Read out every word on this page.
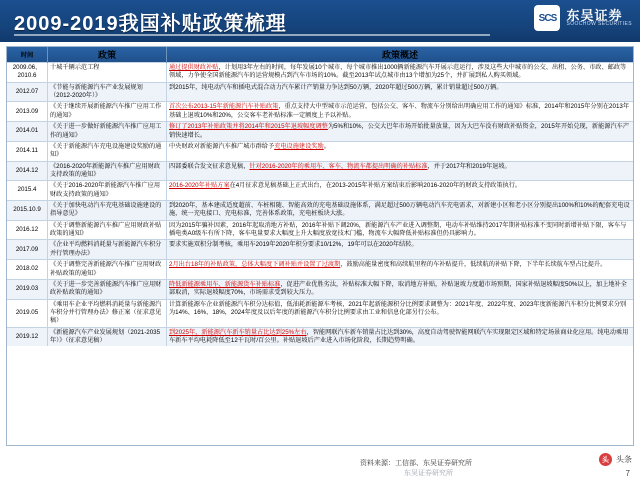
2009-2019我国补贴政策梳理	SCS 东吴证券
SOOCHOW SECURITIES
时间	政策	政策概述
2009.06、2010.6	十城千辆示范工程	通过提供财政补贴，计划用3年左右的时间，每年发展10个城市，每个城市推出1000辆新能源汽车开展示范运行，涉及这些大中城市的公交、出租、公务、市政、邮政等领域，力争使全国新能源汽车的运营规模占到汽车市场的10%。截至2013年试点城市由13个增加为25个，并扩展到私人购买领域。
2012.07	《节能与新能源汽车产业发展规划（2012-2020年）》	到2015年，纯电动汽车和插电式混合动力汽车累计产销量力争达到50万辆，2020年超过500万辆，累计销量超过500万辆。
2013.09	《关于继续开展新能源汽车推广应用工作的通知》	首次公布2013-15年新能源汽车补贴政策，重点支持大中型城市示范运营，包括公交、客车、物流车分别给出明确应用工作的通知》标准，2014年和2015年分别在2013年基础上退坡10%和20%，公交客车老补贴标准一定额度上予以补贴。
2014.01	《关于进一步做好新能源汽车推广应用工作的通知》	修订了2013年补贴政策并将2014年和2015年退坡幅度调整为5%和10%，公交大巴年市场开始批量放量，因为大巴车没有财政补贴资金，2015年开始兑现，新能源汽车产销快速增长。
2014.11	《关于新能源汽车充电设施建设奖励的通知》	中央财政对新能源汽车推广城市群给予充电设施建设奖励。
2014.12	《2016-2020年新能源汽车推广应用财政支持政策的通知》	四部委联合发文征求意见稿，针对2016-2020年的乘用车、客车、物流车都提出明确的补贴标准，并于2017年和2019年退坡。
2015.4	《关于2016-2020年新能源汽车推广应用财政支持政策的通知》	2016-2020年补贴方案在4月征求意见稿基础上正式出台，在2013-2015年补贴方案结束后影响2016-2020年的财政支持政策执行。
2015.10.9	《关于加快电动汽车充电基础设施建设的指导意见》	到2020年，基本建成适度超前、车桩相随、智能高效的充电基础设施体系，满足超过500万辆电动汽车充电需求，对新建小区和老小区分别提出100%和10%的配套充电设施，统一充电接口、充电标准，完善体系政策，充电桩板块大涨。
2016.12	《关于调整新能源汽车推广应用财政补贴政策的通知》	因为2015年骗补因素，2016年起取消地方补贴，2016年补贴下调20%，新能源汽车产业进入调整期，电动车补贴维持2017年期补贴标准不变同时新增补贴下限，客车与插电类A0级车有所下降，客车电量要求大幅度上升大幅度放宽技术门槛，物流车大幅降低补贴标准但仍具影响力。
2017.09	《企业平均燃料消耗量与新能源汽车积分并行管理办法》	要求实施双积分制考核，乘用车2019年2020年积分要求10/12%，19年可以在2020年结转。
2018.02	《关于调整完善新能源汽车推广应用财政补贴政策的通知》	2月出台18年的补贴政策，总体大幅度下调补贴并设置了过渡期，鼓励高能量密度和高续航里程的车补贴提升，低续航的补贴下降，下半年长续航车型占比提升。
2019.03	《关于进一步完善新能源汽车推广应用财政补贴政策的通知》	降低新能源乘用车、新能源货车补贴标准，促进产业优胜劣汰，补贴标准大幅下降，取消地方补贴，补贴退坡力度超市场预期，国家补贴退坡幅度50%以上，加上地补全部取消，实际退坡幅度70%，市场需求受到较大压力。
2019.05	《乘用车企业平均燃料消耗量与新能源汽车积分并行管理办法》修正案（征求意见稿）	计算新能源车企业新能源汽车积分达标值，低油耗新能源车考核，2021年起新能源积分比例要求调整为：2021年度、2022年度、2023年度新能源汽车积分比例要求分别为14%、16%、18%，2024年度及以后年度的新能源汽车积分比例要求由工业和信息化部另行公布。
2019.12	《新能源汽车产业发展规划（2021-2035年）》（征求意见稿）	到2025年，新能源汽车新车销量占比达到25%左右，智能网联汽车新车销量占比达到30%，高度自动驾驶智能网联汽车实现限定区域和特定场景商业化应用。纯电动乘用车新车平均电耗降低至12千瓦时/百公里。补贴退坡后产业进入市场化阶段，长期趋势明确。
资料来源：工信部、东吴证券研究所
东吴证券研究所
头 头条
7
